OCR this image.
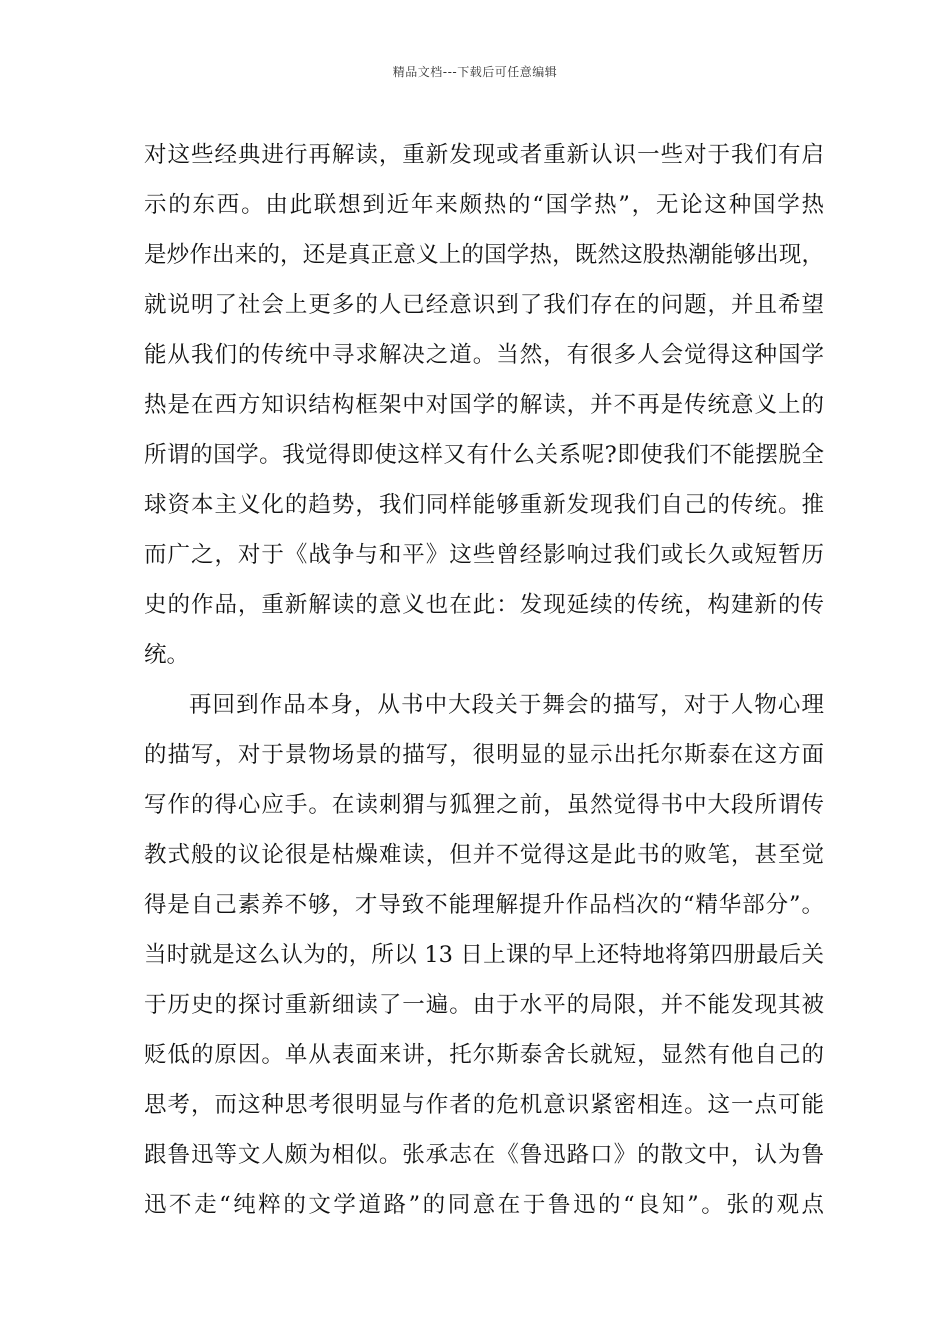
精品文档---下载后可任意编辑
对这些经典进行再解读，重新发现或者重新认识一些对于我们有启
示的东西。由此联想到近年来颇热的“国学热”，无论这种国学热
是炒作出来的，还是真正意义上的国学热，既然这股热潮能够出现，
就说明了社会上更多的人已经意识到了我们存在的问题，并且希望
能从我们的传统中寻求解决之道。当然，有很多人会觉得这种国学
热是在西方知识结构框架中对国学的解读，并不再是传统意义上的
所谓的国学。我觉得即使这样又有什么关系呢?即使我们不能摆脱全
球资本主义化的趋势，我们同样能够重新发现我们自己的传统。推
而广之，对于《战争与和平》这些曾经影响过我们或长久或短暂历
史的作品，重新解读的意义也在此：发现延续的传统，构建新的传
统。
再回到作品本身，从书中大段关于舞会的描写，对于人物心理
的描写，对于景物场景的描写，很明显的显示出托尔斯泰在这方面
写作的得心应手。在读刺猬与狐狸之前，虽然觉得书中大段所谓传
教式般的议论很是枯燥难读，但并不觉得这是此书的败笔，甚至觉
得是自己素养不够，才导致不能理解提升作品档次的“精华部分”。
当时就是这么认为的，所以 13 日上课的早上还特地将第四册最后关
于历史的探讨重新细读了一遍。由于水平的局限，并不能发现其被
贬低的原因。单从表面来讲，托尔斯泰舍长就短，显然有他自己的
思考，而这种思考很明显与作者的危机意识紧密相连。这一点可能
跟鲁迅等文人颇为相似。张承志在《鲁迅路口》的散文中，认为鲁
迅不走“纯粹的文学道路”的同意在于鲁迅的“良知”。张的观点
